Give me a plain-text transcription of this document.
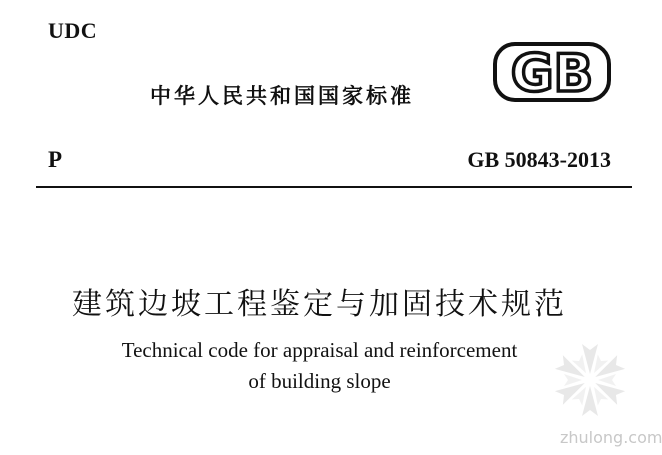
UDC
中华人民共和国国家标准 GB
P	GB 50843-2013
建筑边坡工程鉴定与加固技术规范
Technical code for appraisal and reinforcement
of building slope
zhulong.com
